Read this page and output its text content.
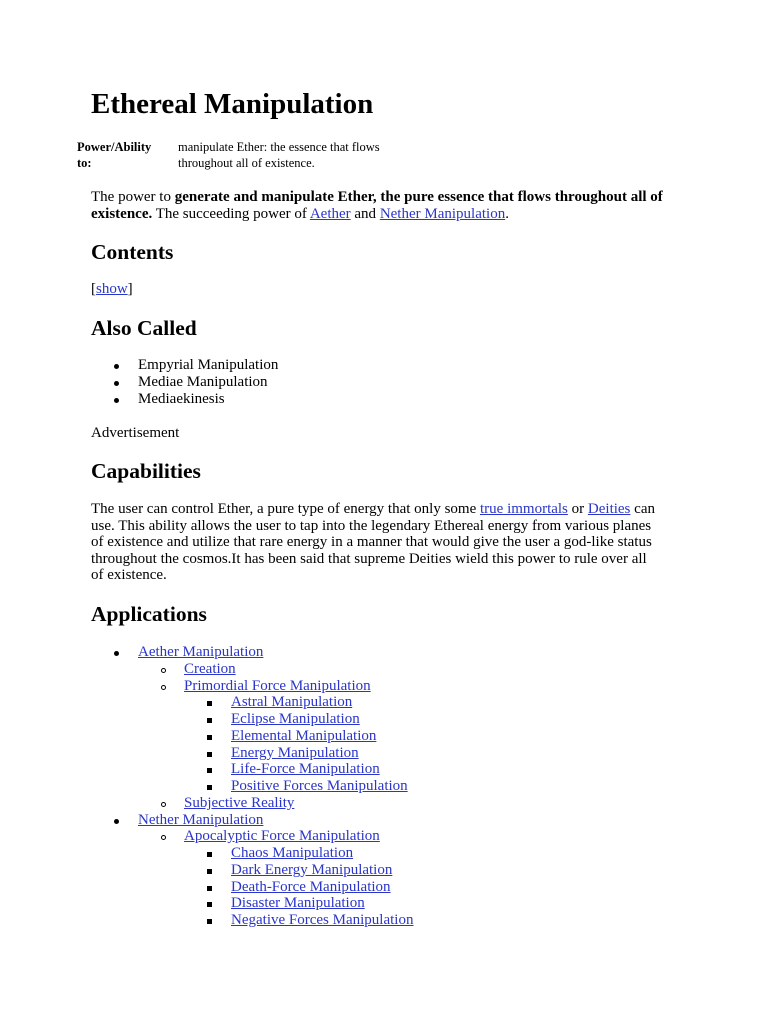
Ethereal Manipulation
Power/Ability to:
manipulate Ether: the essence that flows throughout all of existence.

The power to generate and manipulate Ether, the pure essence that flows throughout all of existence. The succeeding power of Aether and Nether Manipulation.

Contents

[show]

Also Called
Empyrial Manipulation
Mediae Manipulation
Mediaekinesis

Advertisement

Capabilities
The user can control Ether, a pure type of energy that only some true immortals or Deities can
use. This ability allows the user to tap into the legendary Ethereal energy from various planes
of existence and utilize that rare energy in a manner that would give the user a god-like status
throughout the cosmos.It has been said that supreme Deities wield this power to rule over all
of existence.
Applications
Aether Manipulation
Creation
Primordial Force Manipulation
Astral Manipulation
Eclipse Manipulation
Elemental Manipulation
Energy Manipulation
Life-Force Manipulation
Positive Forces Manipulation
Subjective Reality
Nether Manipulation
Apocalyptic Force Manipulation
Chaos Manipulation
Dark Energy Manipulation
Death-Force Manipulation
Disaster Manipulation
Negative Forces Manipulation
